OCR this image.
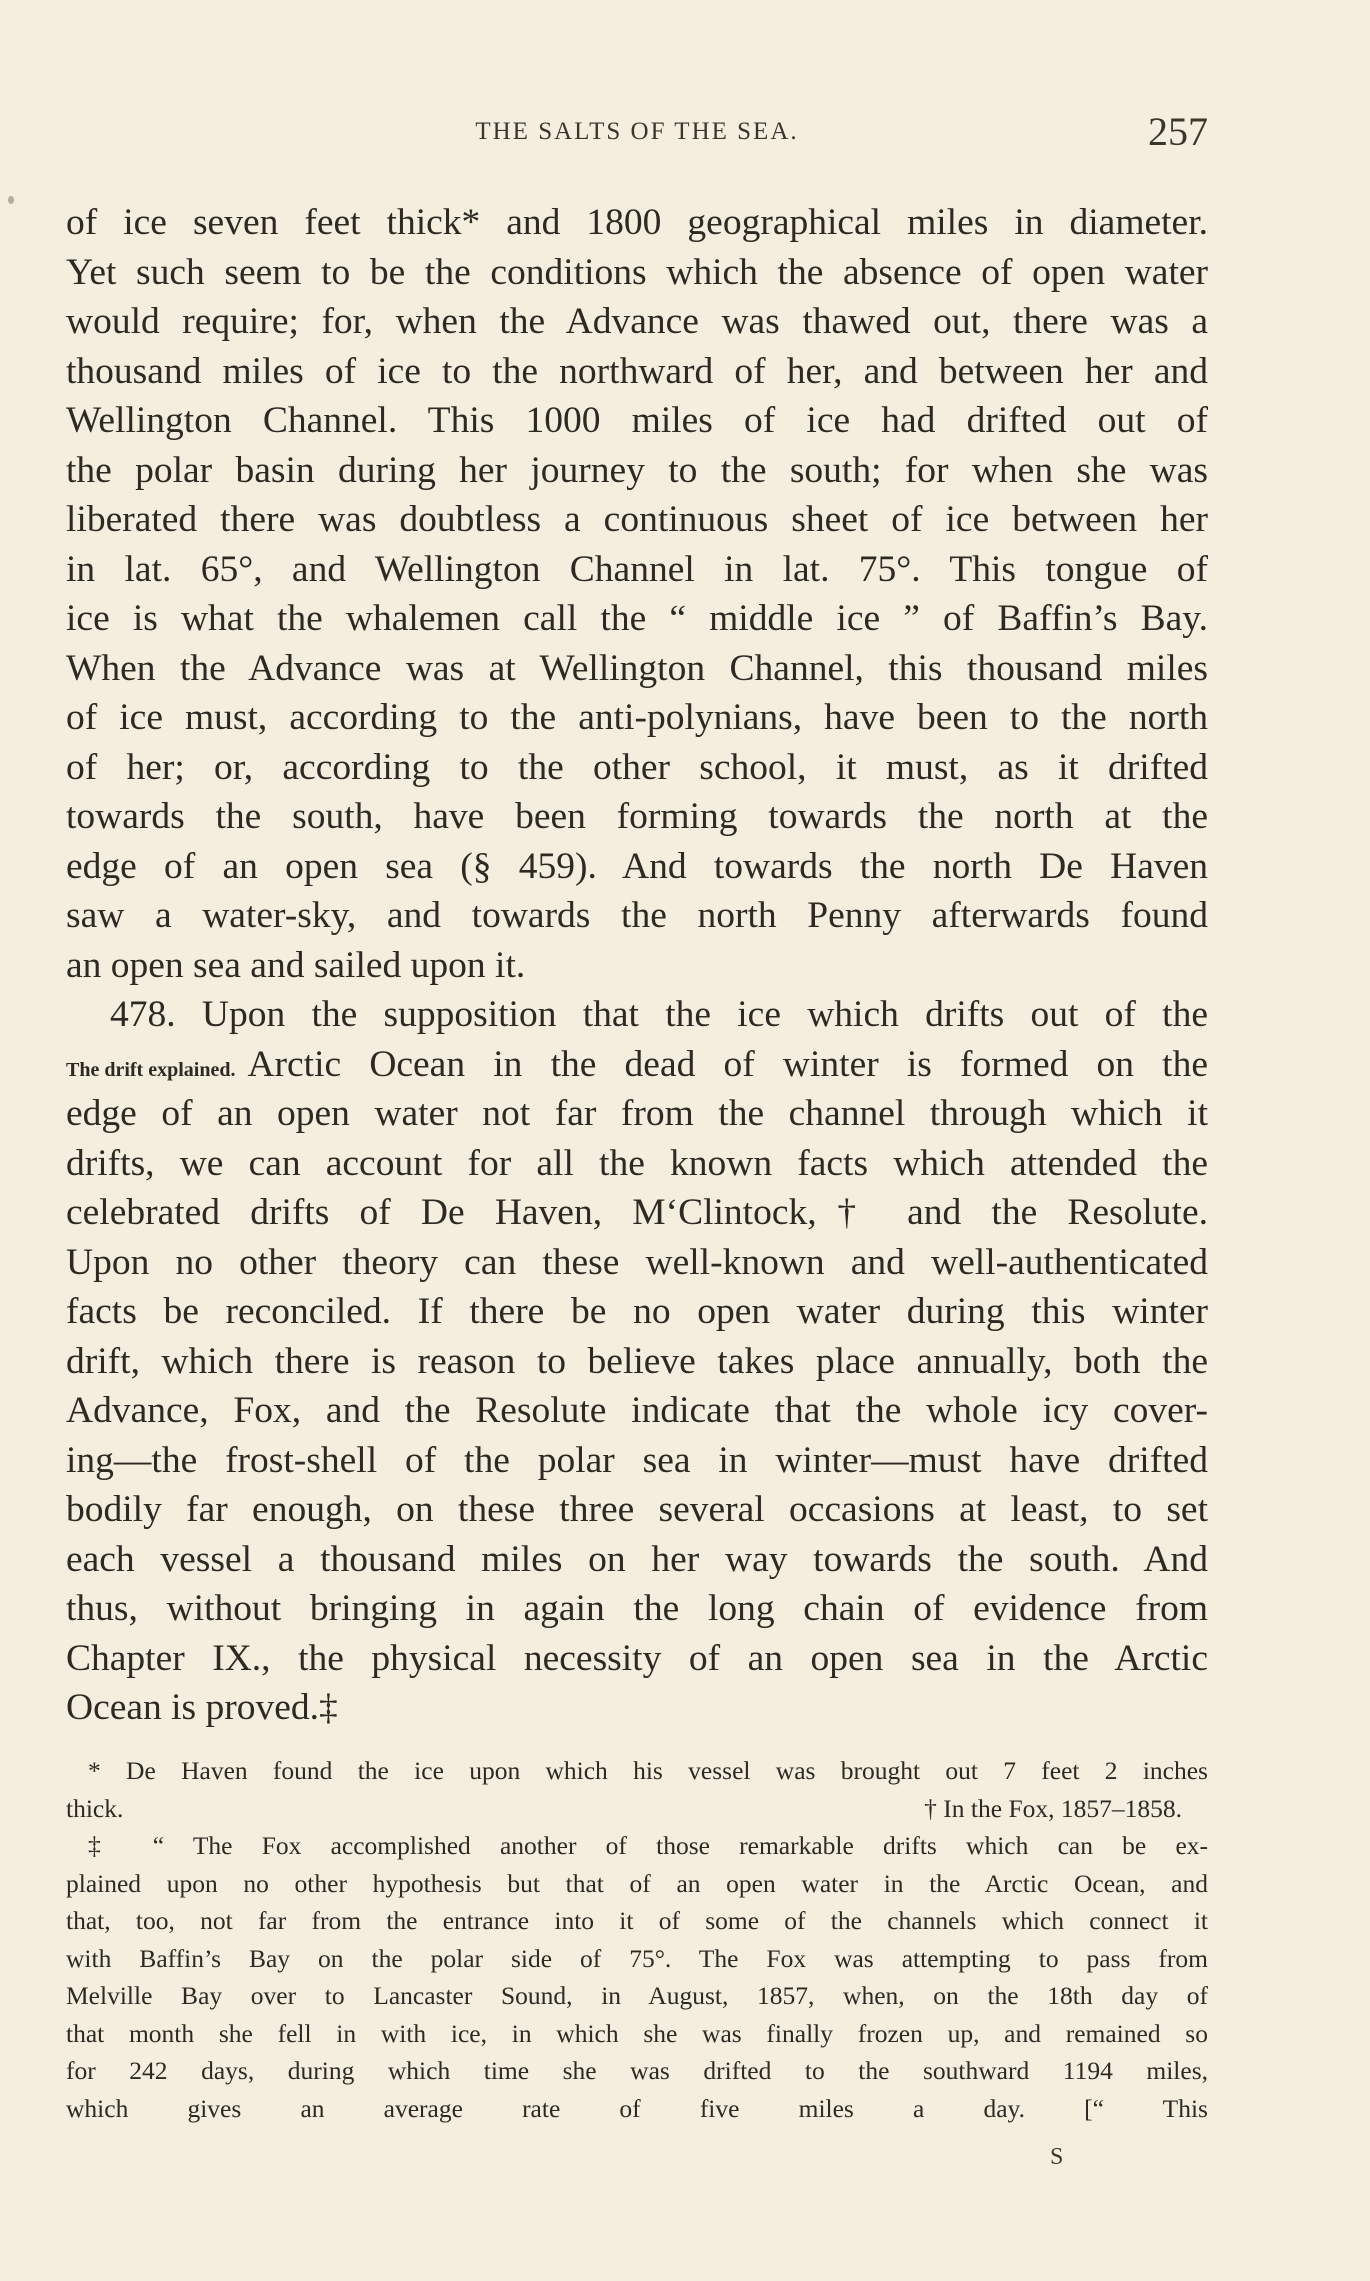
THE SALTS OF THE SEA.	257
of ice seven feet thick* and 1800 geographical miles in diameter.
Yet such seem to be the conditions which the absence of open water
would require; for, when the Advance was thawed out, there was a
thousand miles of ice to the northward of her, and between her and
Wellington Channel. This 1000 miles of ice had drifted out of
the polar basin during her journey to the south; for when she was
liberated there was doubtless a continuous sheet of ice between her
in lat. 65°, and Wellington Channel in lat. 75°. This tongue of
ice is what the whalemen call the “ middle ice ” of Baffin’s Bay.
When the Advance was at Wellington Channel, this thousand miles
of ice must, according to the anti-polynians, have been to the north
of her; or, according to the other school, it must, as it drifted
towards the south, have been forming towards the north at the
edge of an open sea (§ 459). And towards the north De Haven
saw a water-sky, and towards the north Penny afterwards found
an open sea and sailed upon it.
478. Upon the supposition that the ice which drifts out of the
The drift explained. Arctic Ocean in the dead of winter is formed on the
edge of an open water not far from the channel through which it
drifts, we can account for all the known facts which attended the
celebrated drifts of De Haven, M‘Clintock,† and the Resolute.
Upon no other theory can these well-known and well-authenticated
facts be reconciled. If there be no open water during this winter
drift, which there is reason to believe takes place annually, both the
Advance, Fox, and the Resolute indicate that the whole icy cover-
ing—the frost-shell of the polar sea in winter—must have drifted
bodily far enough, on these three several occasions at least, to set
each vessel a thousand miles on her way towards the south. And
thus, without bringing in again the long chain of evidence from
Chapter IX., the physical necessity of an open sea in the Arctic
Ocean is proved.‡
* De Haven found the ice upon which his vessel was brought out 7 feet 2 inches
thick.	† In the Fox, 1857–1858.
‡ “ The Fox accomplished another of those remarkable drifts which can be ex-
plained upon no other hypothesis but that of an open water in the Arctic Ocean, and
that, too, not far from the entrance into it of some of the channels which connect it
with Baffin’s Bay on the polar side of 75°. The Fox was attempting to pass from
Melville Bay over to Lancaster Sound, in August, 1857, when, on the 18th day of
that month she fell in with ice, in which she was finally frozen up, and remained so
for 242 days, during which time she was drifted to the southward 1194 miles,
which gives an average rate of five miles a day. [“ This
S
